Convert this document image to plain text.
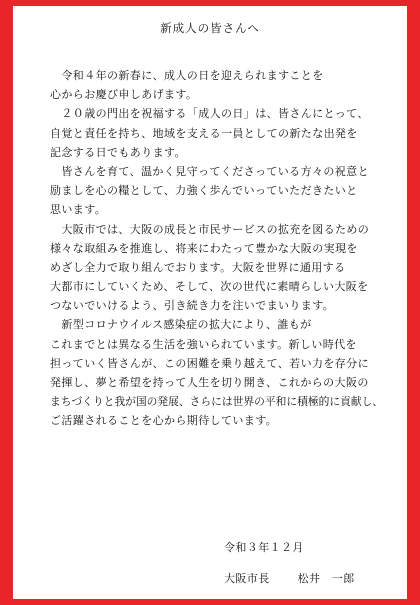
新成人の皆さんへ
　令和４年の新春に、成人の日を迎えられますことを
心からお慶び申しあげます。
　２０歳の門出を祝福する「成人の日」は、皆さんにとって、
自覚と責任を持ち、地域を支える一員としての新たな出発を
記念する日でもあります。
　皆さんを育て、温かく見守ってくださっている方々の祝意と
励ましを心の糧として、力強く歩んでいっていただきたいと
思います。
　大阪市では、大阪の成長と市民サービスの拡充を図るための
様々な取組みを推進し、将来にわたって豊かな大阪の実現を
めざし全力で取り組んでおります。大阪を世界に通用する
大都市にしていくため、そして、次の世代に素晴らしい大阪を
つないでいけるよう、引き続き力を注いでまいります。
　新型コロナウイルス感染症の拡大により、誰もが
これまでとは異なる生活を強いられています。新しい時代を
担っていく皆さんが、この困難を乗り越えて、若い力を存分に
発揮し、夢と希望を持って人生を切り開き、これからの大阪の
まちづくりと我が国の発展、さらには世界の平和に積極的に貢献し、
ご活躍されることを心から期待しています。
令和３年１２月
大阪市長	松井　一郎
